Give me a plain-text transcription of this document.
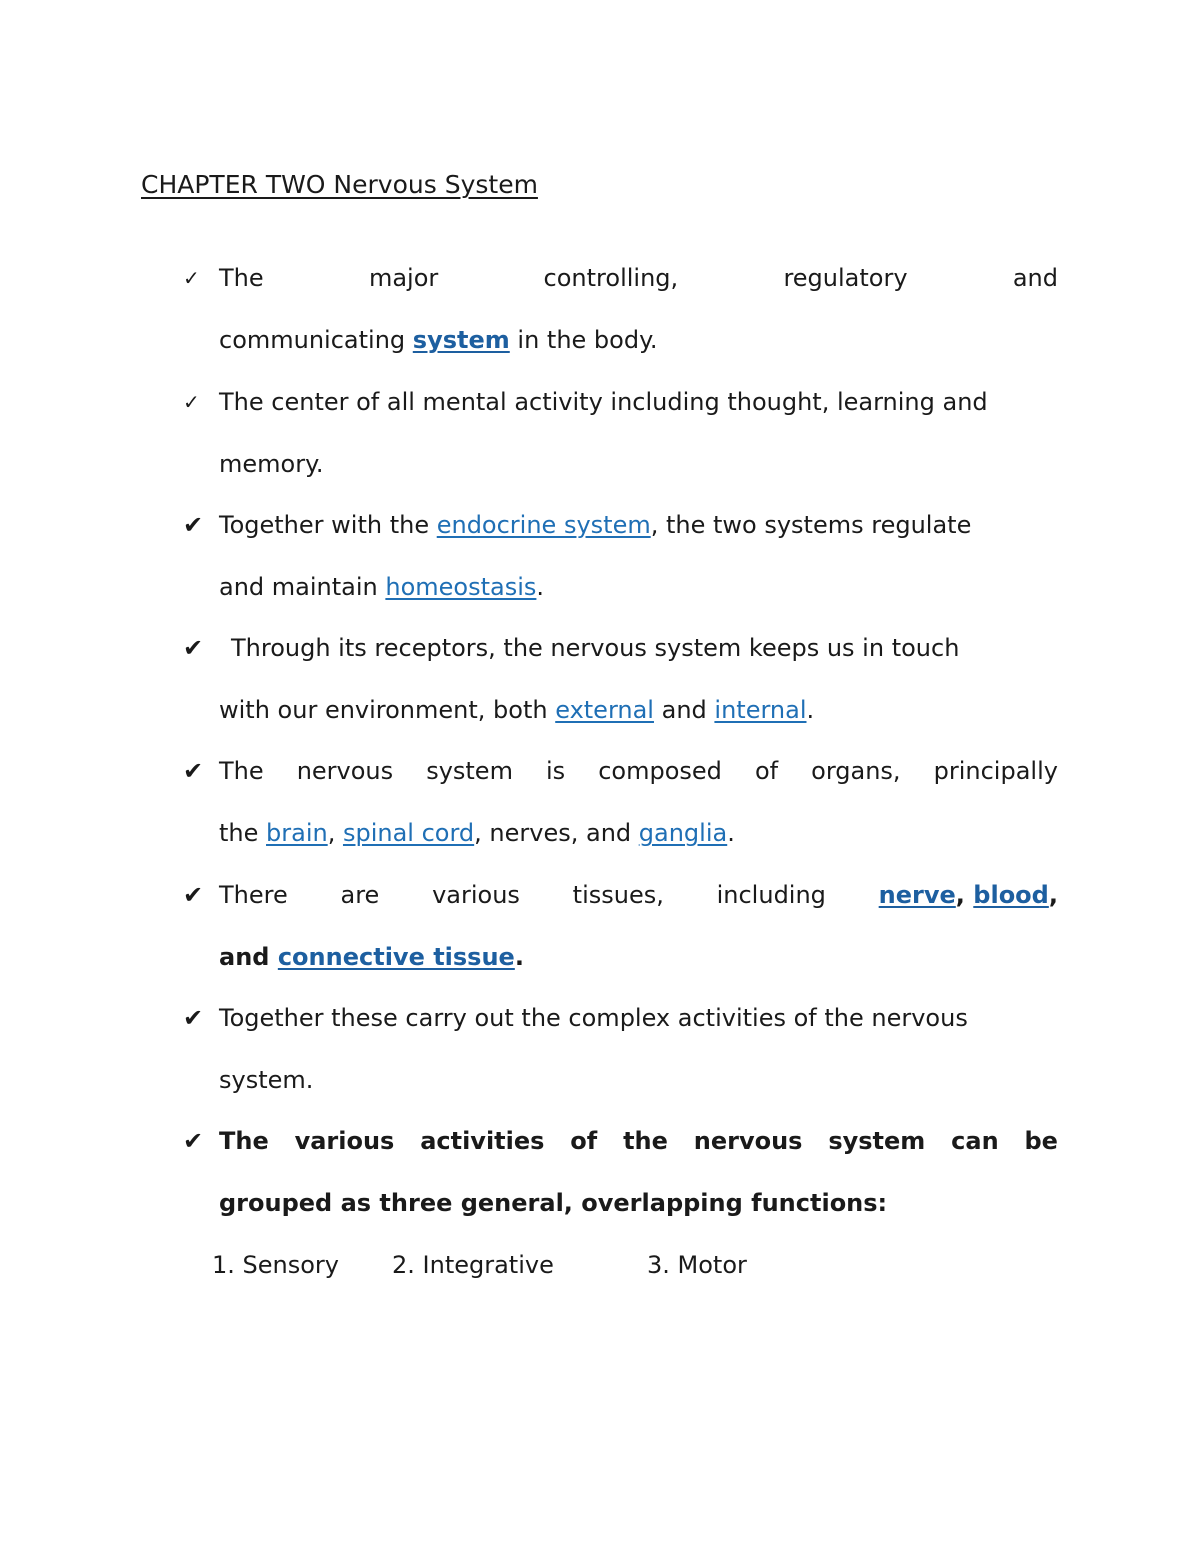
CHAPTER TWO Nervous System
✓ The	major	controlling,	regulatory	and
communicating system in the body.
✓ The center of all mental activity including thought, learning and
memory.
✔ Together with the endocrine system, the two systems regulate
and maintain homeostasis.
✔	Through its receptors, the nervous system keeps us in touch
with our environment, both external and internal.
✔ The nervous system is composed of organs, principally
the brain, spinal cord, nerves, and ganglia.
✔ There are various tissues, including nerve, blood,
and connective tissue.
✔ Together these carry out the complex activities of the nervous
system.
✔ The various activities of the nervous system can be
grouped as three general, overlapping functions:
1. Sensory 2. Integrative	3. Motor
